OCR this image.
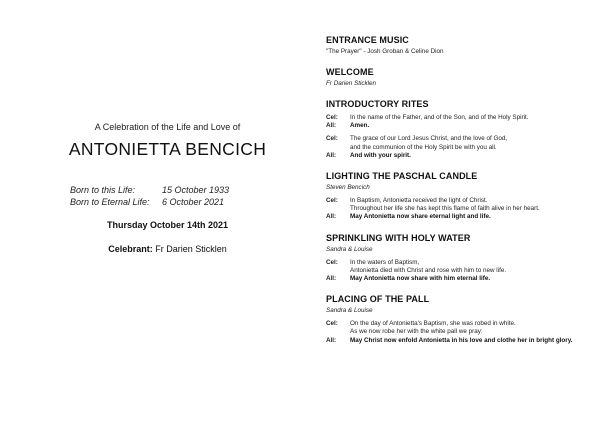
A Celebration of the Life and Love of

ANTONIETTA BENCICH
Born to this Life:	15 October 1933
Born to Eternal Life:	6 October 2021
Thursday October 14th 2021
Celebrant: Fr Darien Sticklen

ENTRANCE MUSIC

"The Prayer" - Josh Groban & Celine Dion

WELCOME

Fr Darien Sticklen

INTRODUCTORY RITES

Cel:	In the name of the Father, and of the Son, and of the Holy Spirit.
All:	Amen.
Cel:	The grace of our Lord Jesus Christ, and the love of God,
and the communion of the Holy Spirit be with you all.
All:	And with your spirit.

LIGHTING THE PASCHAL CANDLE

Steven Bencich
Cel:	In Baptism, Antonietta received the light of Christ.
Throughout her life she has kept this flame of faith alive in her heart.
All:	May Antonietta now share eternal light and life.

SPRINKLING WITH HOLY WATER

Sandra & Louise
Cel:	In the waters of Baptism,
Antonietta died with Christ and rose with him to new life.
All:	May Antonietta now share with him eternal life.

PLACING OF THE PALL

Sandra & Louise
Cel:	On the day of Antonietta's Baptism, she was robed in white.
As we now robe her with the white pall we pray:
All:	May Christ now enfold Antonietta in his love and clothe her in bright glory.
